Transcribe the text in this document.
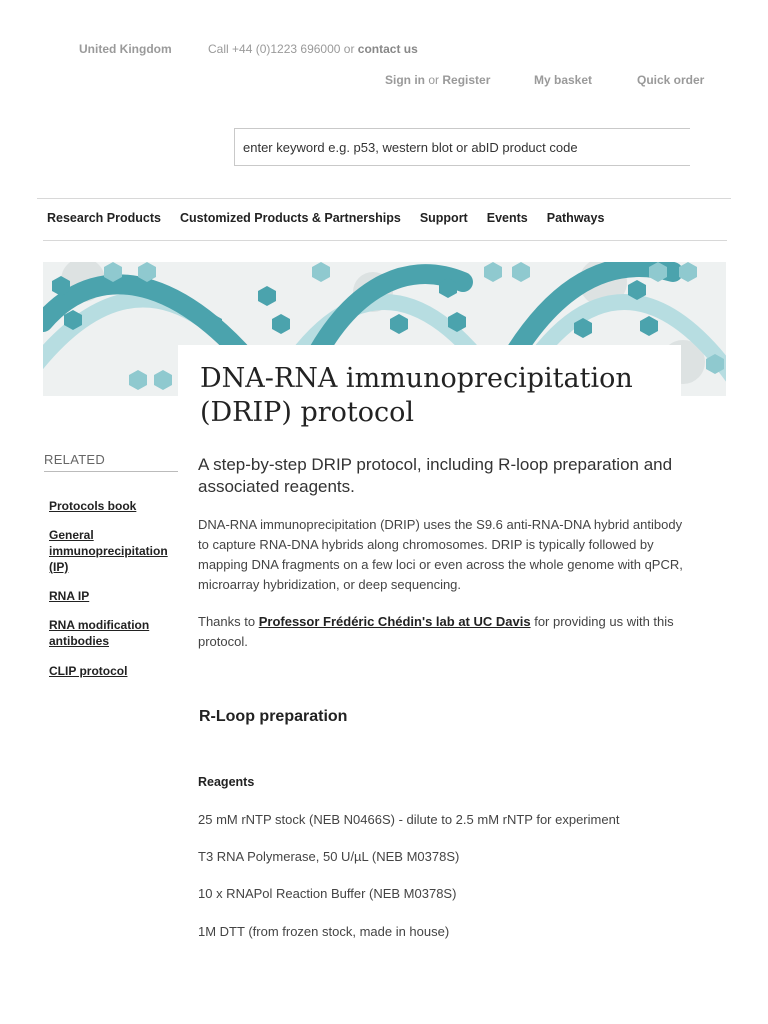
United Kingdom	Call +44 (0)1223 696000 or contact us
Sign in or Register	My basket	Quick order
enter keyword e.g. p53, western blot or abID product code
Research Products Customized Products & Partnerships Support Events Pathways
DNA-RNA immunoprecipitation (DRIP) protocol
RELATED
Protocols book
General immunoprecipitation (IP)
RNA IP
RNA modification antibodies
CLIP protocol
A step-by-step DRIP protocol, including R-loop preparation and associated reagents.
DNA-RNA immunoprecipitation (DRIP) uses the S9.6 anti-RNA-DNA hybrid antibody to capture RNA-DNA hybrids along chromosomes. DRIP is typically followed by mapping DNA fragments on a few loci or even across the whole genome with qPCR, microarray hybridization, or deep sequencing.
Thanks to Professor Frédéric Chédin's lab at UC Davis for providing us with this protocol.
R-Loop preparation
Reagents
25 mM rNTP stock (NEB N0466S) - dilute to 2.5 mM rNTP for experiment
T3 RNA Polymerase, 50 U/µL (NEB M0378S)
10 x RNAPol Reaction Buffer (NEB M0378S)
1M DTT (from frozen stock, made in house)
